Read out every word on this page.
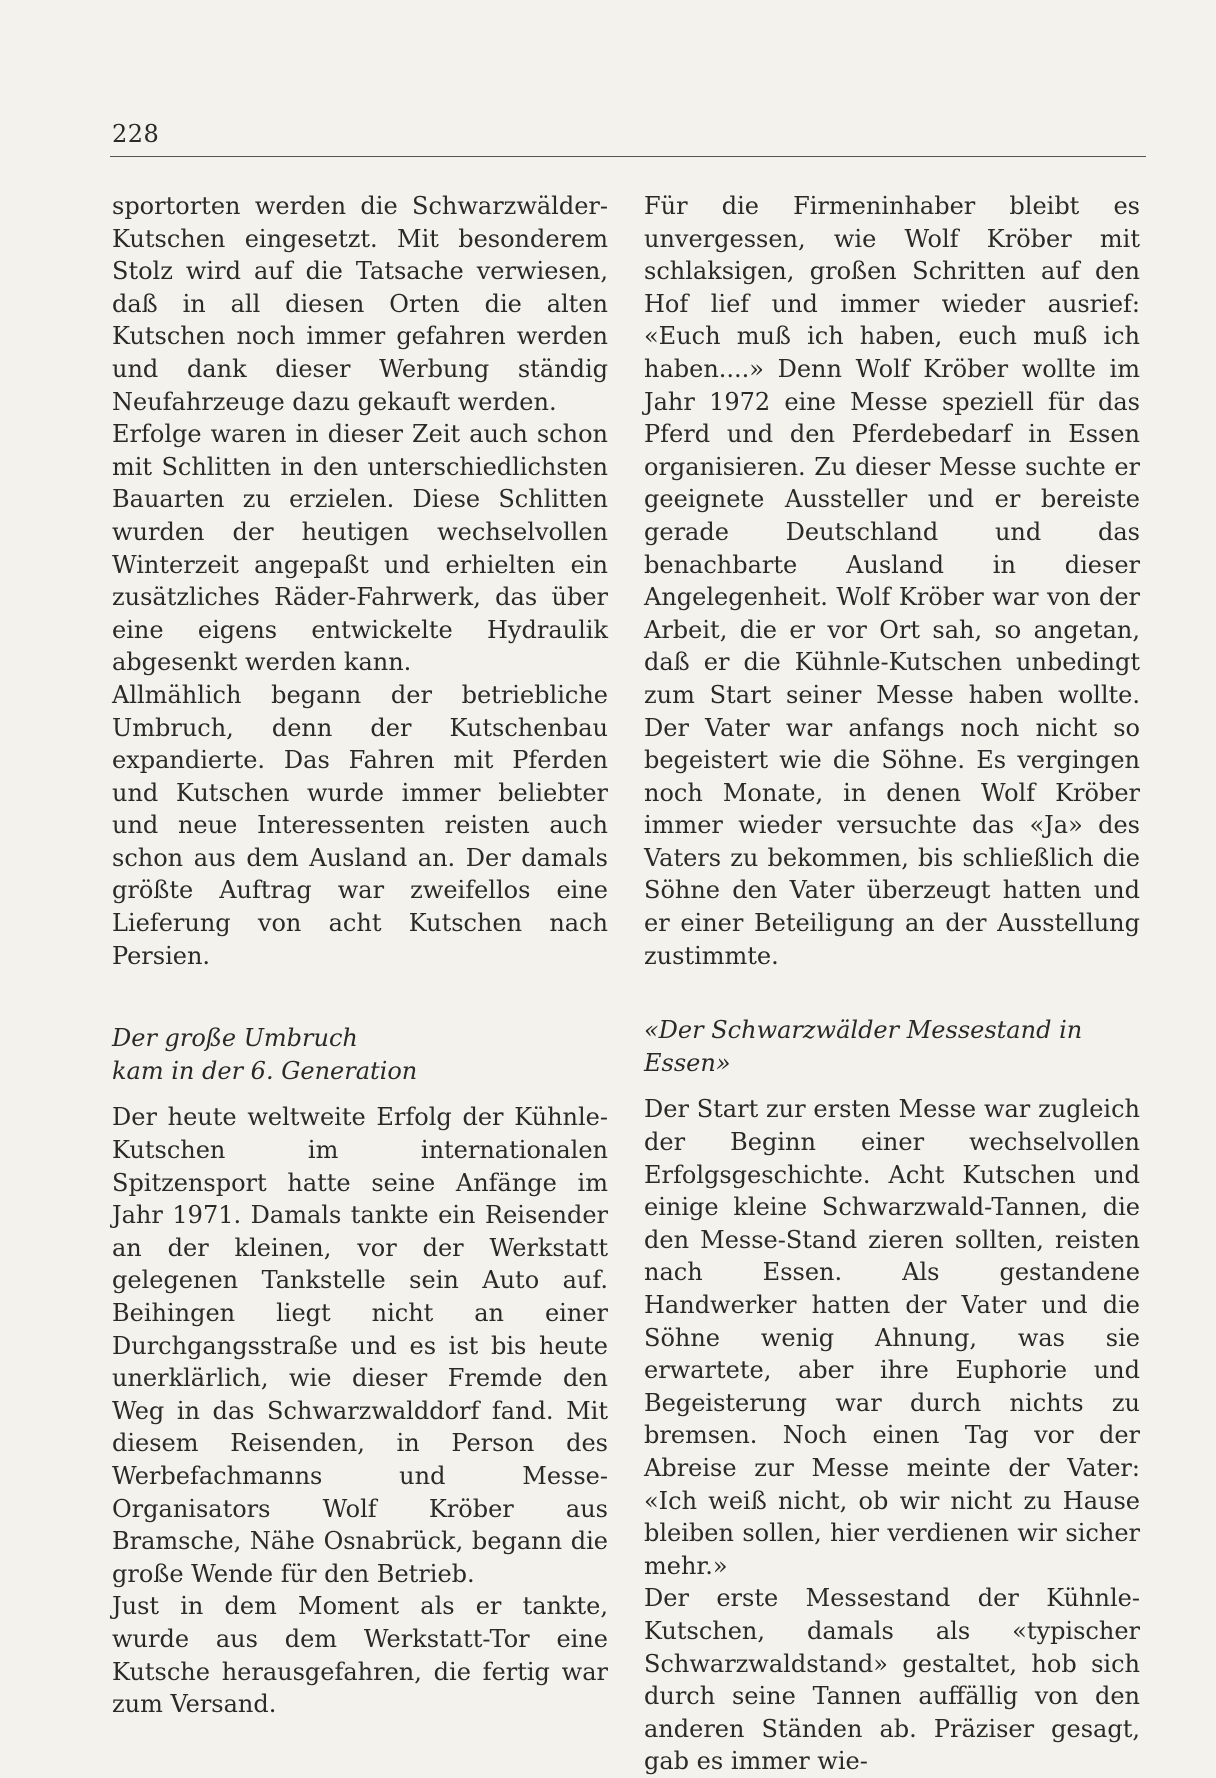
228

sportorten werden die Schwarzwälder-Kutschen eingesetzt. Mit besonderem Stolz wird auf die Tatsache verwiesen, daß in all diesen Orten die alten Kutschen noch immer gefahren werden und dank dieser Werbung ständig Neufahrzeuge dazu gekauft werden.

Erfolge waren in dieser Zeit auch schon mit Schlitten in den unterschiedlichsten Bauarten zu erzielen. Diese Schlitten wurden der heutigen wechselvollen Winterzeit angepaßt und erhielten ein zusätzliches Räder-Fahrwerk, das über eine eigens entwickelte Hydraulik abgesenkt werden kann.

Allmählich begann der betriebliche Umbruch, denn der Kutschenbau expandierte. Das Fahren mit Pferden und Kutschen wurde immer beliebter und neue Interessenten reisten auch schon aus dem Ausland an. Der damals größte Auftrag war zweifellos eine Lieferung von acht Kutschen nach Persien.

Der große Umbruch
kam in der 6. Generation

Der heute weltweite Erfolg der Kühnle-Kutschen im internationalen Spitzensport hatte seine Anfänge im Jahr 1971. Damals tankte ein Reisender an der kleinen, vor der Werkstatt gelegenen Tankstelle sein Auto auf. Beihingen liegt nicht an einer Durchgangsstraße und es ist bis heute unerklärlich, wie dieser Fremde den Weg in das Schwarzwalddorf fand. Mit diesem Reisenden, in Person des Werbefachmanns und Messe-Organisators Wolf Kröber aus Bramsche, Nähe Osnabrück, begann die große Wende für den Betrieb.

Just in dem Moment als er tankte, wurde aus dem Werkstatt-Tor eine Kutsche herausgefahren, die fertig war zum Versand.

Für die Firmeninhaber bleibt es unvergessen, wie Wolf Kröber mit schlaksigen, großen Schritten auf den Hof lief und immer wieder ausrief: «Euch muß ich haben, euch muß ich haben....» Denn Wolf Kröber wollte im Jahr 1972 eine Messe speziell für das Pferd und den Pferdebedarf in Essen organisieren. Zu dieser Messe suchte er geeignete Aussteller und er bereiste gerade Deutschland und das benachbarte Ausland in dieser Angelegenheit. Wolf Kröber war von der Arbeit, die er vor Ort sah, so angetan, daß er die Kühnle-Kutschen unbedingt zum Start seiner Messe haben wollte. Der Vater war anfangs noch nicht so begeistert wie die Söhne. Es vergingen noch Monate, in denen Wolf Kröber immer wieder versuchte das «Ja» des Vaters zu bekommen, bis schließlich die Söhne den Vater überzeugt hatten und er einer Beteiligung an der Ausstellung zustimmte.

«Der Schwarzwälder Messestand in Essen»

Der Start zur ersten Messe war zugleich der Beginn einer wechselvollen Erfolgsgeschichte. Acht Kutschen und einige kleine Schwarzwald-Tannen, die den Messe-Stand zieren sollten, reisten nach Essen. Als gestandene Handwerker hatten der Vater und die Söhne wenig Ahnung, was sie erwartete, aber ihre Euphorie und Begeisterung war durch nichts zu bremsen. Noch einen Tag vor der Abreise zur Messe meinte der Vater: «Ich weiß nicht, ob wir nicht zu Hause bleiben sollen, hier verdienen wir sicher mehr.»

Der erste Messestand der Kühnle-Kutschen, damals als «typischer Schwarzwaldstand» gestaltet, hob sich durch seine Tannen auffällig von den anderen Ständen ab. Präziser gesagt, gab es immer wie-
